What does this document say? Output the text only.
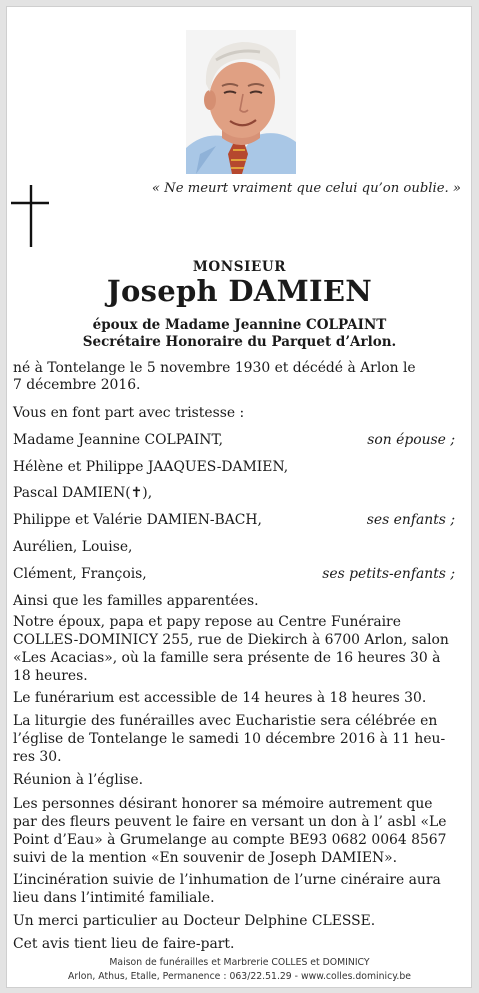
« Ne meurt vraiment que celui qu’on oublie. »
MONSIEUR
Joseph DAMIEN
époux de Madame Jeannine COLPAINT
Secrétaire Honoraire du Parquet d’Arlon.
né à Tontelange le 5 novembre 1930 et décédé à Arlon le
7 décembre 2016.
Vous en font part avec tristesse :
Madame Jeannine COLPAINT,	son épouse ;
Hélène et Philippe JAAQUES-DAMIEN,
Pascal DAMIEN(✝),
Philippe et Valérie DAMIEN-BACH,	ses enfants ;
Aurélien, Louise,
Clément, François,	ses petits-enfants ;
Ainsi que les familles apparentées.
Notre époux, papa et papy repose au Centre Funéraire
COLLES-DOMINICY 255, rue de Diekirch à 6700 Arlon, salon
«Les Acacias», où la famille sera présente de 16 heures 30 à
18 heures.
Le funérarium est accessible de 14 heures à 18 heures 30.
La liturgie des funérailles avec Eucharistie sera célébrée en
l’église de Tontelange le samedi 10 décembre 2016 à 11 heu-
res 30.
Réunion à l’église.
Les personnes désirant honorer sa mémoire autrement que
par des fleurs peuvent le faire en versant un don à l’ asbl «Le
Point d’Eau» à Grumelange au compte BE93 0682 0064 8567
suivi de la mention «En souvenir de Joseph DAMIEN».
L’incinération suivie de l’inhumation de l’urne cinéraire aura
lieu dans l’intimité familiale.
Un merci particulier au Docteur Delphine CLESSE.
Cet avis tient lieu de faire-part.
Maison de funérailles et Marbrerie COLLES et DOMINICY
Arlon, Athus, Etalle, Permanence : 063/22.51.29 - www.colles.dominicy.be
